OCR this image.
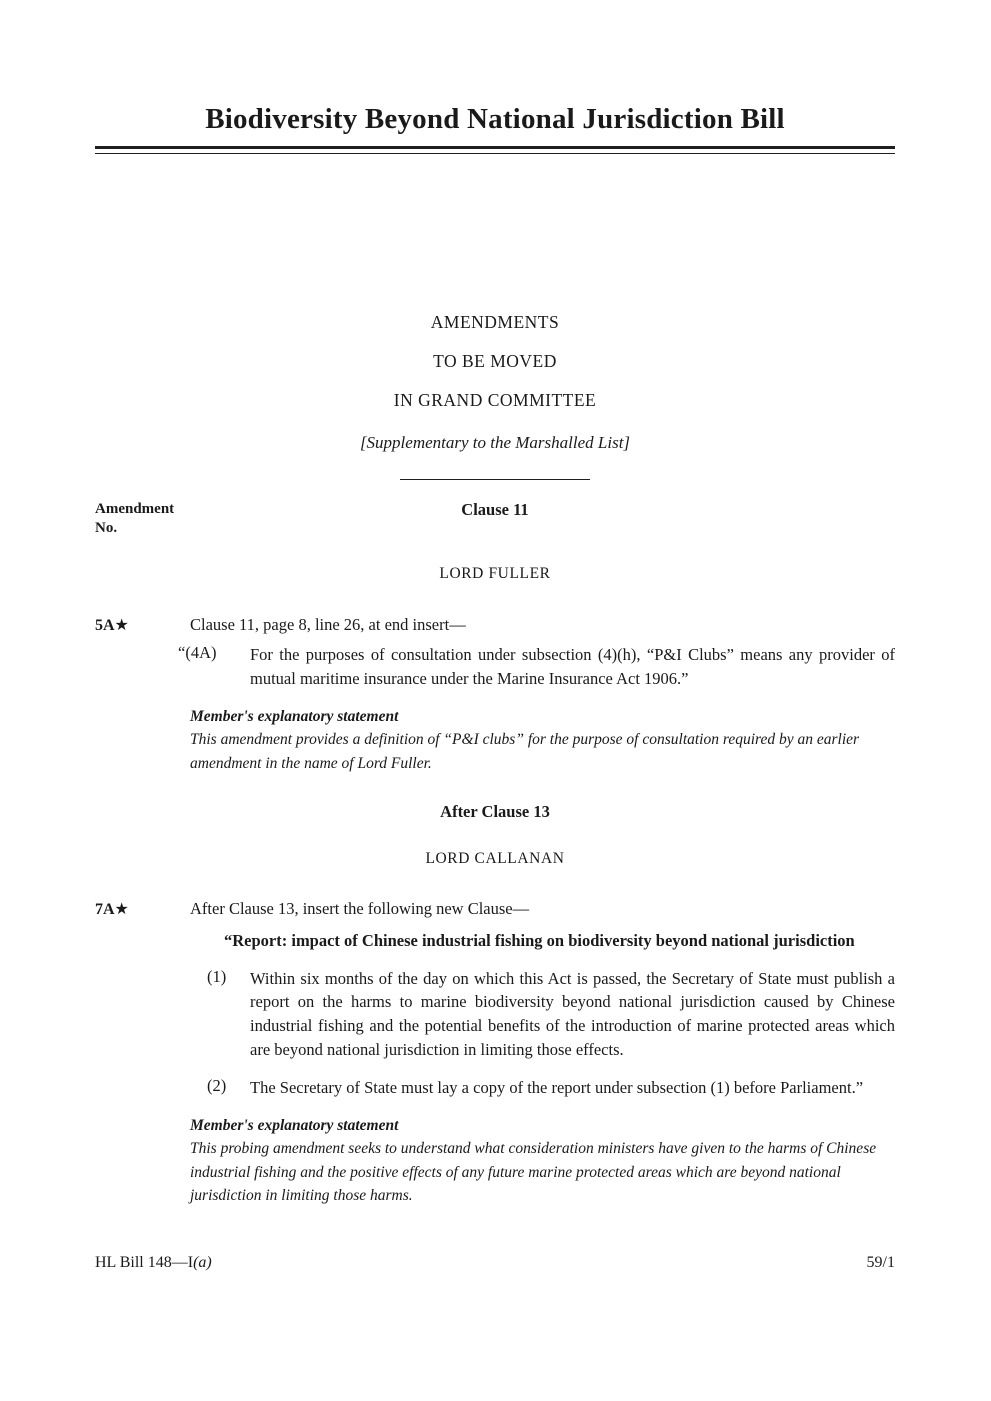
Biodiversity Beyond National Jurisdiction Bill
AMENDMENTS
TO BE MOVED
IN GRAND COMMITTEE
[Supplementary to the Marshalled List]
Amendment
No.
Clause 11
LORD FULLER
5A★	Clause 11, page 8, line 26, at end insert—
“(4A)	For the purposes of consultation under subsection (4)(h), “P&I Clubs” means any provider of mutual maritime insurance under the Marine Insurance Act 1906.”
Member's explanatory statement
This amendment provides a definition of “P&I clubs” for the purpose of consultation required by an earlier amendment in the name of Lord Fuller.
After Clause 13
LORD CALLANAN
7A★	After Clause 13, insert the following new Clause—
“Report: impact of Chinese industrial fishing on biodiversity beyond national jurisdiction
(1)	Within six months of the day on which this Act is passed, the Secretary of State must publish a report on the harms to marine biodiversity beyond national jurisdiction caused by Chinese industrial fishing and the potential benefits of the introduction of marine protected areas which are beyond national jurisdiction in limiting those effects.
(2)	The Secretary of State must lay a copy of the report under subsection (1) before Parliament.”
Member's explanatory statement
This probing amendment seeks to understand what consideration ministers have given to the harms of Chinese industrial fishing and the positive effects of any future marine protected areas which are beyond national jurisdiction in limiting those harms.
HL Bill 148—I(a)	59/1
